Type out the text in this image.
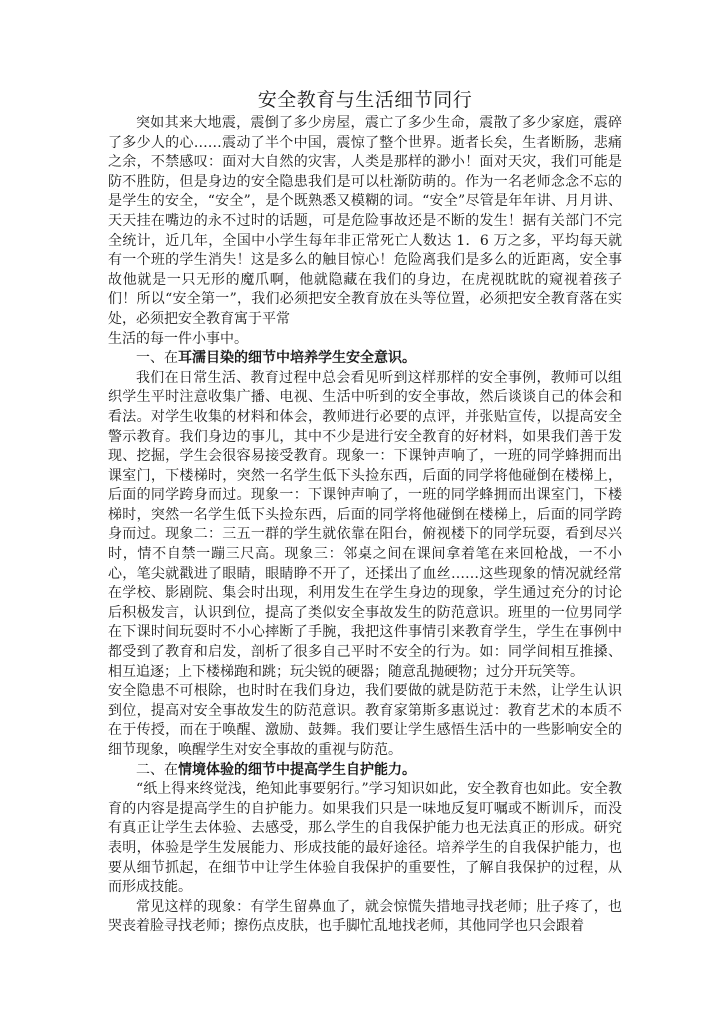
安全教育与生活细节同行

突如其来大地震，震倒了多少房屋，震亡了多少生命，震散了多少家庭，震碎了多少人的心……震动了半个中国，震惊了整个世界。逝者长矣，生者断肠，悲痛之余，不禁感叹：面对大自然的灾害，人类是那样的渺小！面对天灾，我们可能是防不胜防，但是身边的安全隐患我们是可以杜渐防萌的。作为一名老师念念不忘的是学生的安全，“安全”，是个既熟悉又模糊的词。“安全”尽管是年年讲、月月讲、天天挂在嘴边的永不过时的话题，可是危险事故还是不断的发生！据有关部门不完全统计，近几年，全国中小学生每年非正常死亡人数达 1．6 万之多，平均每天就有一个班的学生消失！这是多么的触目惊心！危险离我们是多么的近距离，安全事故他就是一只无形的魔爪啊，他就隐藏在我们的身边，在虎视眈眈的窥视着孩子们！所以“安全第一”，我们必须把安全教育放在头等位置，必须把安全教育落在实处，必须把安全教育寓于平常

生活的每一件小事中。

一、在耳濡目染的细节中培养学生安全意识。

我们在日常生活、教育过程中总会看见听到这样那样的安全事例，教师可以组织学生平时注意收集广播、电视、生活中听到的安全事故，然后谈谈自己的体会和看法。对学生收集的材料和体会，教师进行必要的点评，并张贴宣传，以提高安全警示教育。我们身边的事儿，其中不少是进行安全教育的好材料，如果我们善于发现、挖掘，学生会很容易接受教育。现象一：下课钟声响了，一班的同学蜂拥而出课室门，下楼梯时，突然一名学生低下头捡东西，后面的同学将他碰倒在楼梯上，后面的同学跨身而过。现象一：下课钟声响了，一班的同学蜂拥而出课室门，下楼梯时，突然一名学生低下头捡东西，后面的同学将他碰倒在楼梯上，后面的同学跨身而过。现象二：三五一群的学生就依靠在阳台，俯视楼下的同学玩耍，看到尽兴时，情不自禁一蹦三尺高。现象三：邻桌之间在课间拿着笔在来回枪战，一不小心，笔尖就戳进了眼睛，眼睛睁不开了，还揉出了血丝……这些现象的情况就经常在学校、影剧院、集会时出现，利用发生在学生身边的现象，学生通过充分的讨论后积极发言，认识到位，提高了类似安全事故发生的防范意识。班里的一位男同学在下课时间玩耍时不小心摔断了手腕，我把这件事情引来教育学生，学生在事例中都受到了教育和启发，剖析了很多自己平时不安全的行为。如：同学间相互推搡、相互追逐；上下楼梯跑和跳；玩尖锐的硬器；随意乱抛硬物；过分开玩笑等。

安全隐患不可根除，也时时在我们身边，我们要做的就是防范于未然，让学生认识到位，提高对安全事故发生的防范意识。教育家第斯多惠说过：教育艺术的本质不在于传授，而在于唤醒、激励、鼓舞。我们要让学生感悟生活中的一些影响安全的细节现象，唤醒学生对安全事故的重视与防范。

二、在情境体验的细节中提高学生自护能力。

“纸上得来终觉浅，绝知此事要躬行。”学习知识如此，安全教育也如此。安全教育的内容是提高学生的自护能力。如果我们只是一味地反复叮嘱或不断训斥，而没有真正让学生去体验、去感受，那么学生的自我保护能力也无法真正的形成。研究表明，体验是学生发展能力、形成技能的最好途径。培养学生的自我保护能力，也要从细节抓起，在细节中让学生体验自我保护的重要性，了解自我保护的过程，从而形成技能。

常见这样的现象：有学生留鼻血了，就会惊慌失措地寻找老师；肚子疼了，也哭丧着脸寻找老师；擦伤点皮肤，也手脚忙乱地找老师，其他同学也只会跟着
